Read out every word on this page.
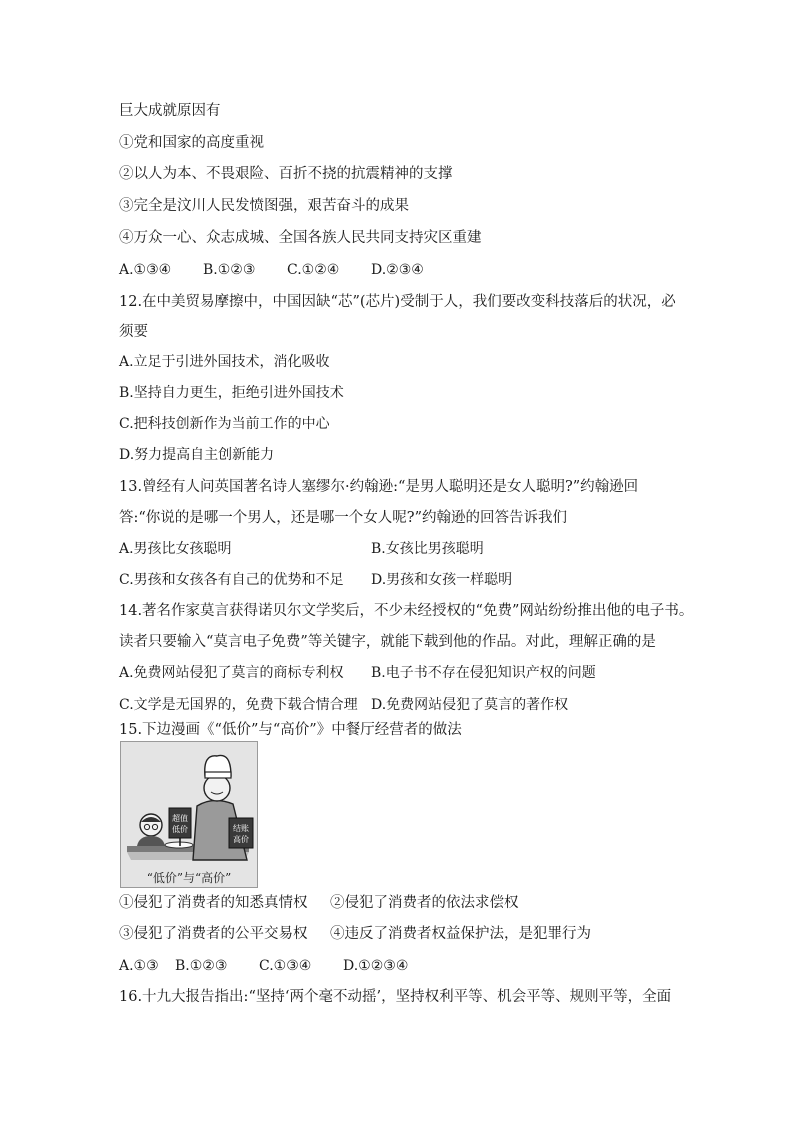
巨大成就原因有
①党和国家的高度重视
②以人为本、不畏艰险、百折不挠的抗震精神的支撑
③完全是汶川人民发愤图强，艰苦奋斗的成果
④万众一心、众志成城、全国各族人民共同支持灾区重建
A.①③④ B.①②③ C.①②④ D.②③④
12.在中美贸易摩擦中，中国因缺“芯”(芯片)受制于人，我们要改变科技落后的状况，必
须要
A.立足于引进外国技术，消化吸收
B.坚持自力更生，拒绝引进外国技术
C.把科技创新作为当前工作的中心
D.努力提高自主创新能力
13.曾经有人问英国著名诗人塞缪尔·约翰逊:“是男人聪明还是女人聪明?”约翰逊回
答:“你说的是哪一个男人，还是哪一个女人呢?”约翰逊的回答告诉我们
A.男孩比女孩聪明	B.女孩比男孩聪明
C.男孩和女孩各有自己的优势和不足 D.男孩和女孩一样聪明
14.著名作家莫言获得诺贝尔文学奖后，不少未经授权的“免费”网站纷纷推出他的电子书。
读者只要输入“莫言电子免费”等关键字，就能下载到他的作品。对此，理解正确的是
A.免费网站侵犯了莫言的商标专利权 B.电子书不存在侵犯知识产权的问题
C.文学是无国界的，免费下载合情合理 D.免费网站侵犯了莫言的著作权
15.下边漫画《“低价”与“高价”》中餐厅经营者的做法
超值
低价	结账
高价
“低价”与“高价”
①侵犯了消费者的知悉真情权 ②侵犯了消费者的依法求偿权
③侵犯了消费者的公平交易权 ④违反了消费者权益保护法，是犯罪行为
A.①③ B.①②③ C.①③④ D.①②③④
16.十九大报告指出:“坚持‘两个毫不动摇’，坚持权利平等、机会平等、规则平等，全面
